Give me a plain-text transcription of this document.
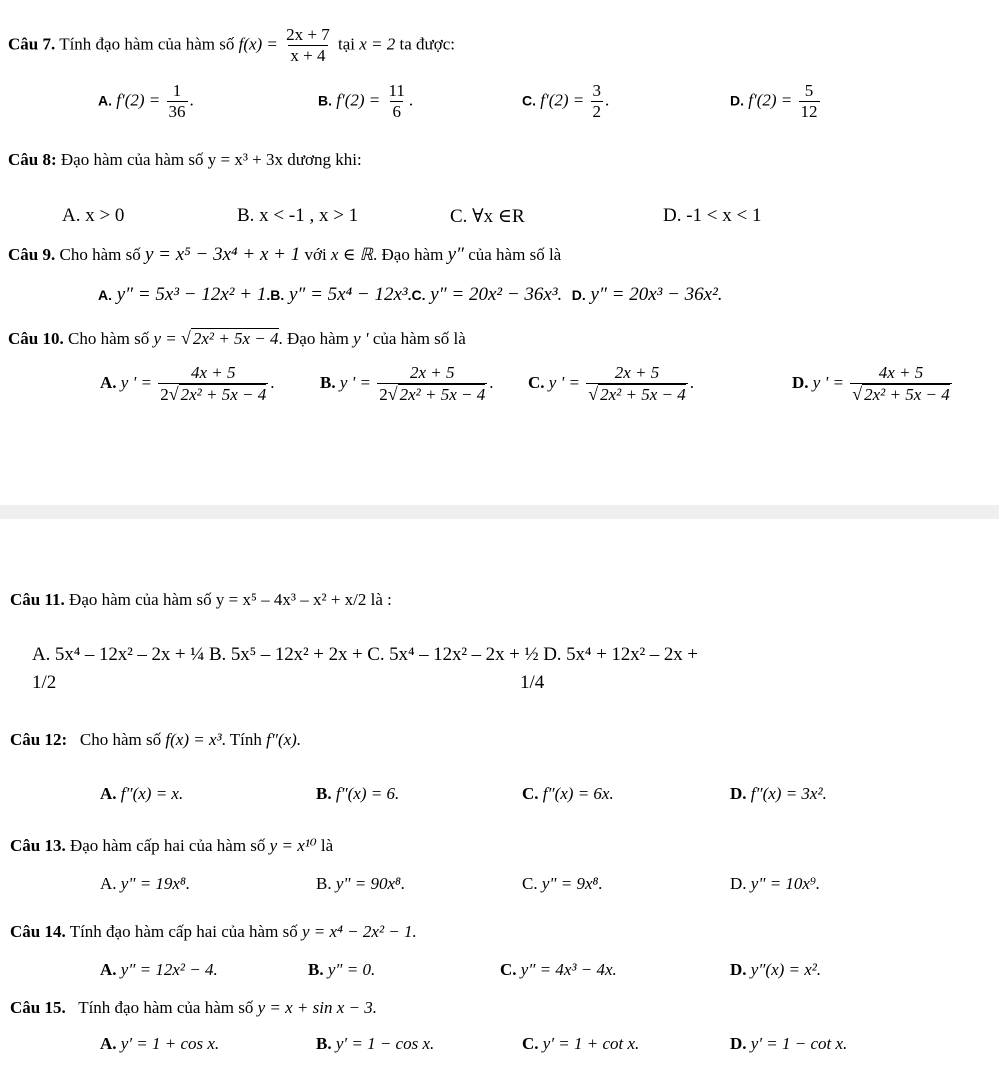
Câu 7. Tính đạo hàm của hàm số $f(x) = \frac{2x + 7}{x + 4}$ tại x = 2 ta được:
A. $f'(2) = \frac{1}{36}$ .	B. $f'(2) = \frac{11}{6}$ .	C. $f'(2) = \frac{3}{2}$ .	D. $f'(2) = \frac{5}{12}$
Câu 8: Đạo hàm của hàm số y = x³ + 3x dương khi:
A. x > 0	B. x < -1 , x > 1	C. ∀x ∈R	D. -1 < x < 1
Câu 9. Cho hàm số y = x⁵ − 3x⁴ + x + 1 với x ∈ ℝ. Đạo hàm y″ của hàm số là
A. y″ = 5x³ − 12x² + 1.B. y″ = 5x⁴ − 12x³.C. y″ = 20x² − 36x³. D. y″ = 20x³ − 36x².
Câu 10. Cho hàm số y = √ 2x² + 5x − 4. Đạo hàm y ' của hàm số là
A. y ' = $\frac{4x + 5}{\text{2√ 2x² + 5x − 4}}$ .	B. y ' = $\frac{2x + 5}{\text{2√ 2x² + 5x − 4}}$ . C. y ' = $\frac{2x + 5}{\text{√ 2x² + 5x − 4}}$ .	D. y ' = $\frac{4x + 5}{\text{√ 2x² + 5x − 4}}$
Câu 11. Đạo hàm của hàm số y = x⁵ – 4x³ – x² + x/2 là :
A. 5x⁴ – 12x² – 2x + ¼ B. 5x⁵ – 12x² + 2x + C. 5x⁴ – 12x² – 2x + ½ D. 5x⁴ + 12x² – 2x +
1/2	1/4
Câu 12: Cho hàm số f(x) = x³. Tính f″(x).
A. f″(x) = x.	B. f″(x) = 6.	C. f″(x) = 6x.	D. f″(x) = 3x².
Câu 13. Đạo hàm cấp hai của hàm số y = x¹⁰ là
A. y" = 19x⁸.	B. y" = 90x⁸.	C. y" = 9x⁸.	D. y" = 10x⁹.
Câu 14. Tính đạo hàm cấp hai của hàm số y = x⁴ − 2x² − 1.
A. y″ = 12x² − 4.	B. y″ = 0.	C. y″ = 4x³ − 4x.	D. y″(x) = x².
Câu 15. Tính đạo hàm của hàm số y = x + sin x − 3.
A. y′ = 1 + cos x.	B. y′ = 1 − cos x.	C. y′ = 1 + cot x.	D. y′ = 1 − cot x.
